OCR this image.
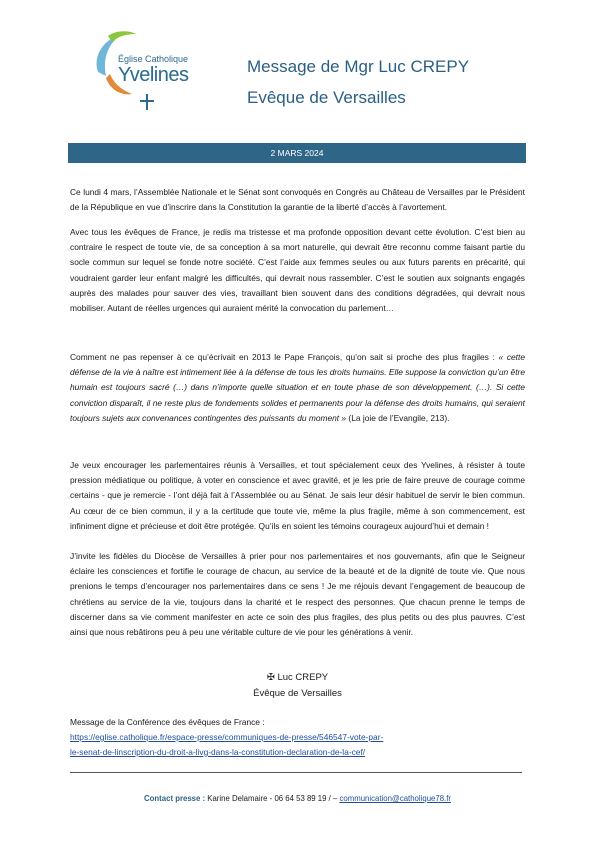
Église Catholique
Yvelines	Message de Mgr Luc CREPY
Evêque de Versailles
2 MARS 2024

Ce lundi 4 mars, l’Assemblée Nationale et le Sénat sont convoqués en Congrès au Château de Versailles par le Président de la République en vue d’inscrire dans la Constitution la garantie de la liberté d’accès à l’avortement.

Avec tous les évêques de France, je redis ma tristesse et ma profonde opposition devant cette évolution. C’est bien au contraire le respect de toute vie, de sa conception à sa mort naturelle, qui devrait être reconnu comme faisant partie du socle commun sur lequel se fonde notre société. C’est l’aide aux femmes seules ou aux futurs parents en précarité, qui voudraient garder leur enfant malgré les difficultés, qui devrait nous rassembler. C’est le soutien aux soignants engagés auprès des malades pour sauver des vies, travaillant bien souvent dans des conditions dégradées, qui devrait nous mobiliser. Autant de réelles urgences qui auraient mérité la convocation du parlement…

Comment ne pas repenser à ce qu’écrivait en 2013 le Pape François, qu’on sait si proche des plus fragiles : « cette défense de la vie à naître est intimement liée à la défense de tous les droits humains. Elle suppose la conviction qu’un être humain est toujours sacré (…) dans n’importe quelle situation et en toute phase de son développement. (…). Si cette conviction disparaît, il ne reste plus de fondements solides et permanents pour la défense des droits humains, qui seraient toujours sujets aux convenances contingentes des puissants du moment » (La joie de l’Evangile, 213).

Je veux encourager les parlementaires réunis à Versailles, et tout spécialement ceux des Yvelines, à résister à toute pression médiatique ou politique, à voter en conscience et avec gravité, et je les prie de faire preuve de courage comme certains - que je remercie - l’ont déjà fait à l’Assemblée ou au Sénat. Je sais leur désir habituel de servir le bien commun. Au cœur de ce bien commun, il y a la certitude que toute vie, même la plus fragile, même à son commencement, est infiniment digne et précieuse et doit être protégée. Qu’ils en soient les témoins courageux aujourd’hui et demain !

J’invite les fidèles du Diocèse de Versailles à prier pour nos parlementaires et nos gouvernants, afin que le Seigneur éclaire les consciences et fortifie le courage de chacun, au service de la beauté et de la dignité de toute vie. Que nous prenions le temps d’encourager nos parlementaires dans ce sens ! Je me réjouis devant l’engagement de beaucoup de chrétiens au service de la vie, toujours dans la charité et le respect des personnes. Que chacun prenne le temps de discerner dans sa vie comment manifester en acte ce soin des plus fragiles, des plus petits ou des plus pauvres. C’est ainsi que nous rebâtirons peu à peu une véritable culture de vie pour les générations à venir.

✠ Luc CREPY
Évêque de Versailles
Message de la Conférence des évêques de France :
https://eglise.catholique.fr/espace-presse/communiques-de-presse/546547-vote-par-
le-senat-de-linscription-du-droit-a-livg-dans-la-constitution-declaration-de-la-cef/
Contact presse : Karine Delamaire - 06 64 53 89 19 / – communication@catholique78.fr
